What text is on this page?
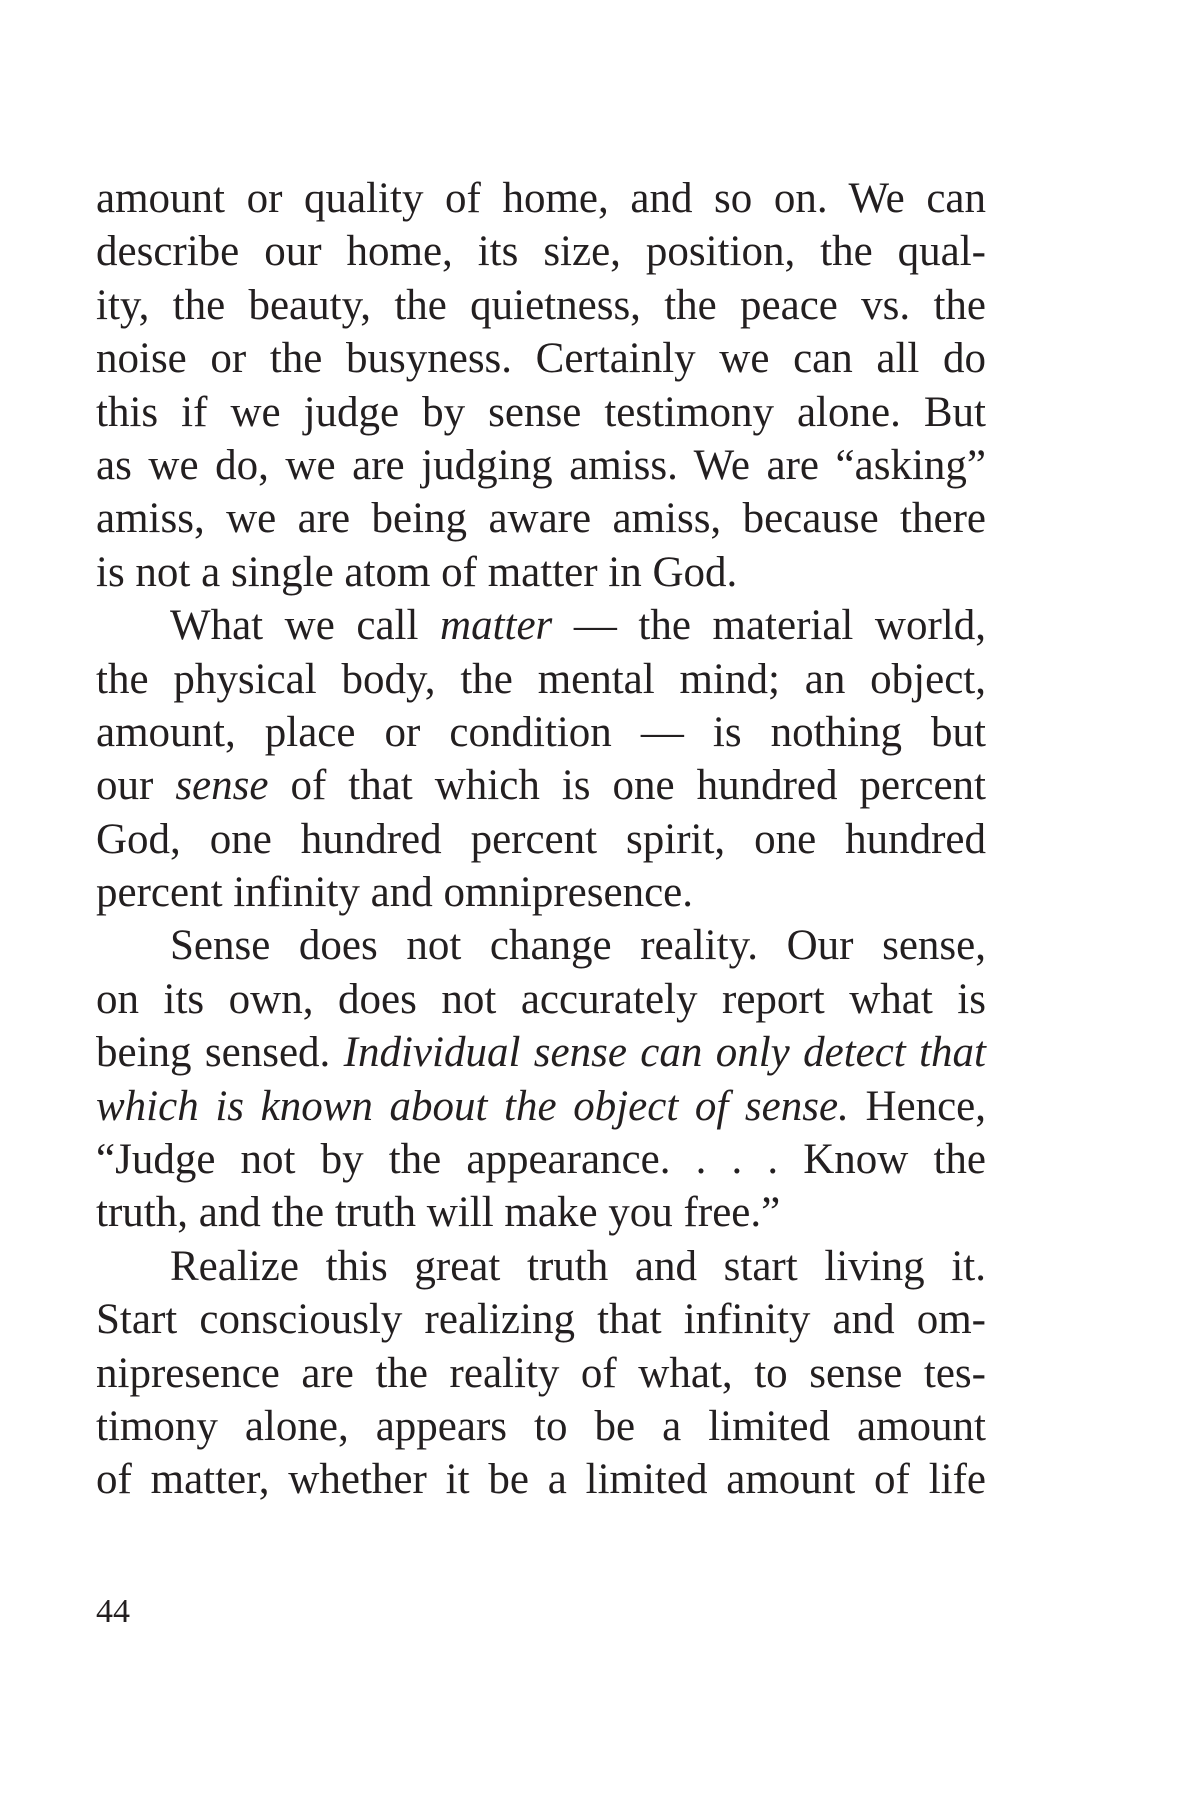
amount or quality of home, and so on. We can
describe our home, its size, position, the qual-
ity, the beauty, the quietness, the peace vs. the
noise or the busyness. Certainly we can all do
this if we judge by sense testimony alone. But
as we do, we are judging amiss. We are “asking”
amiss, we are being aware amiss, because there
is not a single atom of matter in God.
What we call matter — the material world,
the physical body, the mental mind; an object,
amount, place or condition — is nothing but
our sense of that which is one hundred percent
God, one hundred percent spirit, one hundred
percent infinity and omnipresence.
Sense does not change reality. Our sense,
on its own, does not accurately report what is
being sensed. Individual sense can only detect that
which is known about the object of sense. Hence,
“Judge not by the appearance. . . . Know the
truth, and the truth will make you free.”
Realize this great truth and start living it.
Start consciously realizing that infinity and om-
nipresence are the reality of what, to sense tes-
timony alone, appears to be a limited amount
of matter, whether it be a limited amount of life
44
